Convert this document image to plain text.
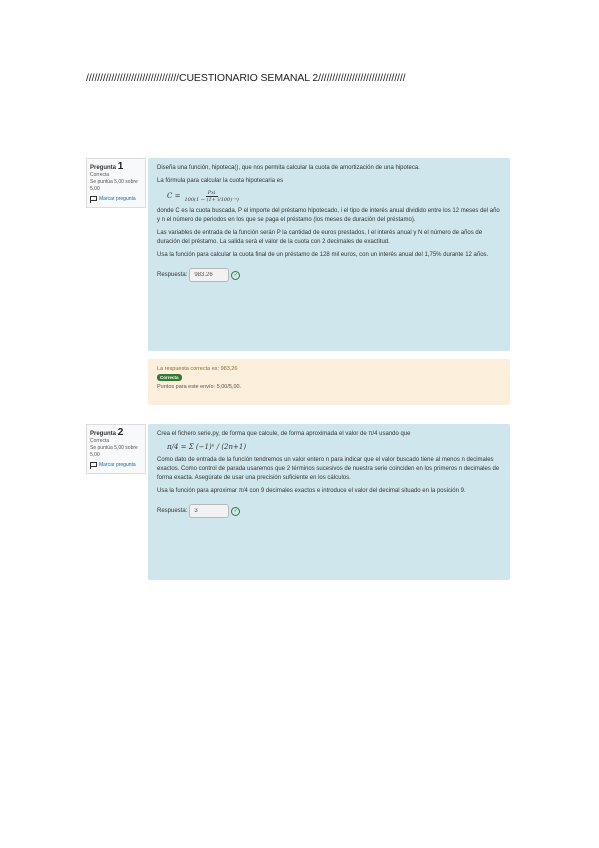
/////////////////////////////////CUESTIONARIO SEMANAL 2///////////////////////////////
Pregunta 1
Correcta
Se puntúa 5,00 sobre 5,00
Marcar pregunta

Diseña una función, hipoteca(), que nos permita calcular la cuota de amortización de una hipoteca.

La fórmula para calcular la cuota hipotecaria es

$C = \frac{\text{Pxi}}{\text{100(1 − (1+ i/100)⁻ⁿ)}}$

donde C es la cuota buscada, P el importe del préstamo hipotecado, i el tipo de interés anual dividido entre los 12 meses del año y n el número de periodos en los que se paga el préstamo (los meses de duración del préstamo).

Las variables de entrada de la función serán P la cantidad de euros prestados, I el interés anual y N el número de años de duración del préstamo. La salida será el valor de la cuota con 2 decimales de exactitud.

Usa la función para calcular la cuota final de un préstamo de 128 mil euros, con un interés anual del 1,75% durante 12 años.

Respuesta:
983.26	✓
La respuesta correcta es: 983,26
Correcta
Puntos para este envío: 5,00/5,00.
Pregunta 2
Correcta
Se puntúa 5,00 sobre 5,00
Marcar pregunta

Crea el fichero serie.py, de forma que calcule, de forma aproximada el valor de π/4 usando que

π/4 = Σ (−1)ⁿ / (2n+1)

Como dato de entrada de la función tendremos un valor entero n para indicar que el valor buscado tiene al menos n decimales exactos. Como control de parada usaremos que 2 términos sucesivos de nuestra serie coinciden en los primeros n decimales de forma exacta. Asegúrate de usar una precisión suficiente en los cálculos.

Usa la función para aproximar π/4 con 9 decimales exactos e introduce el valor del decimal situado en la posición 9.

Respuesta:
3	✓
